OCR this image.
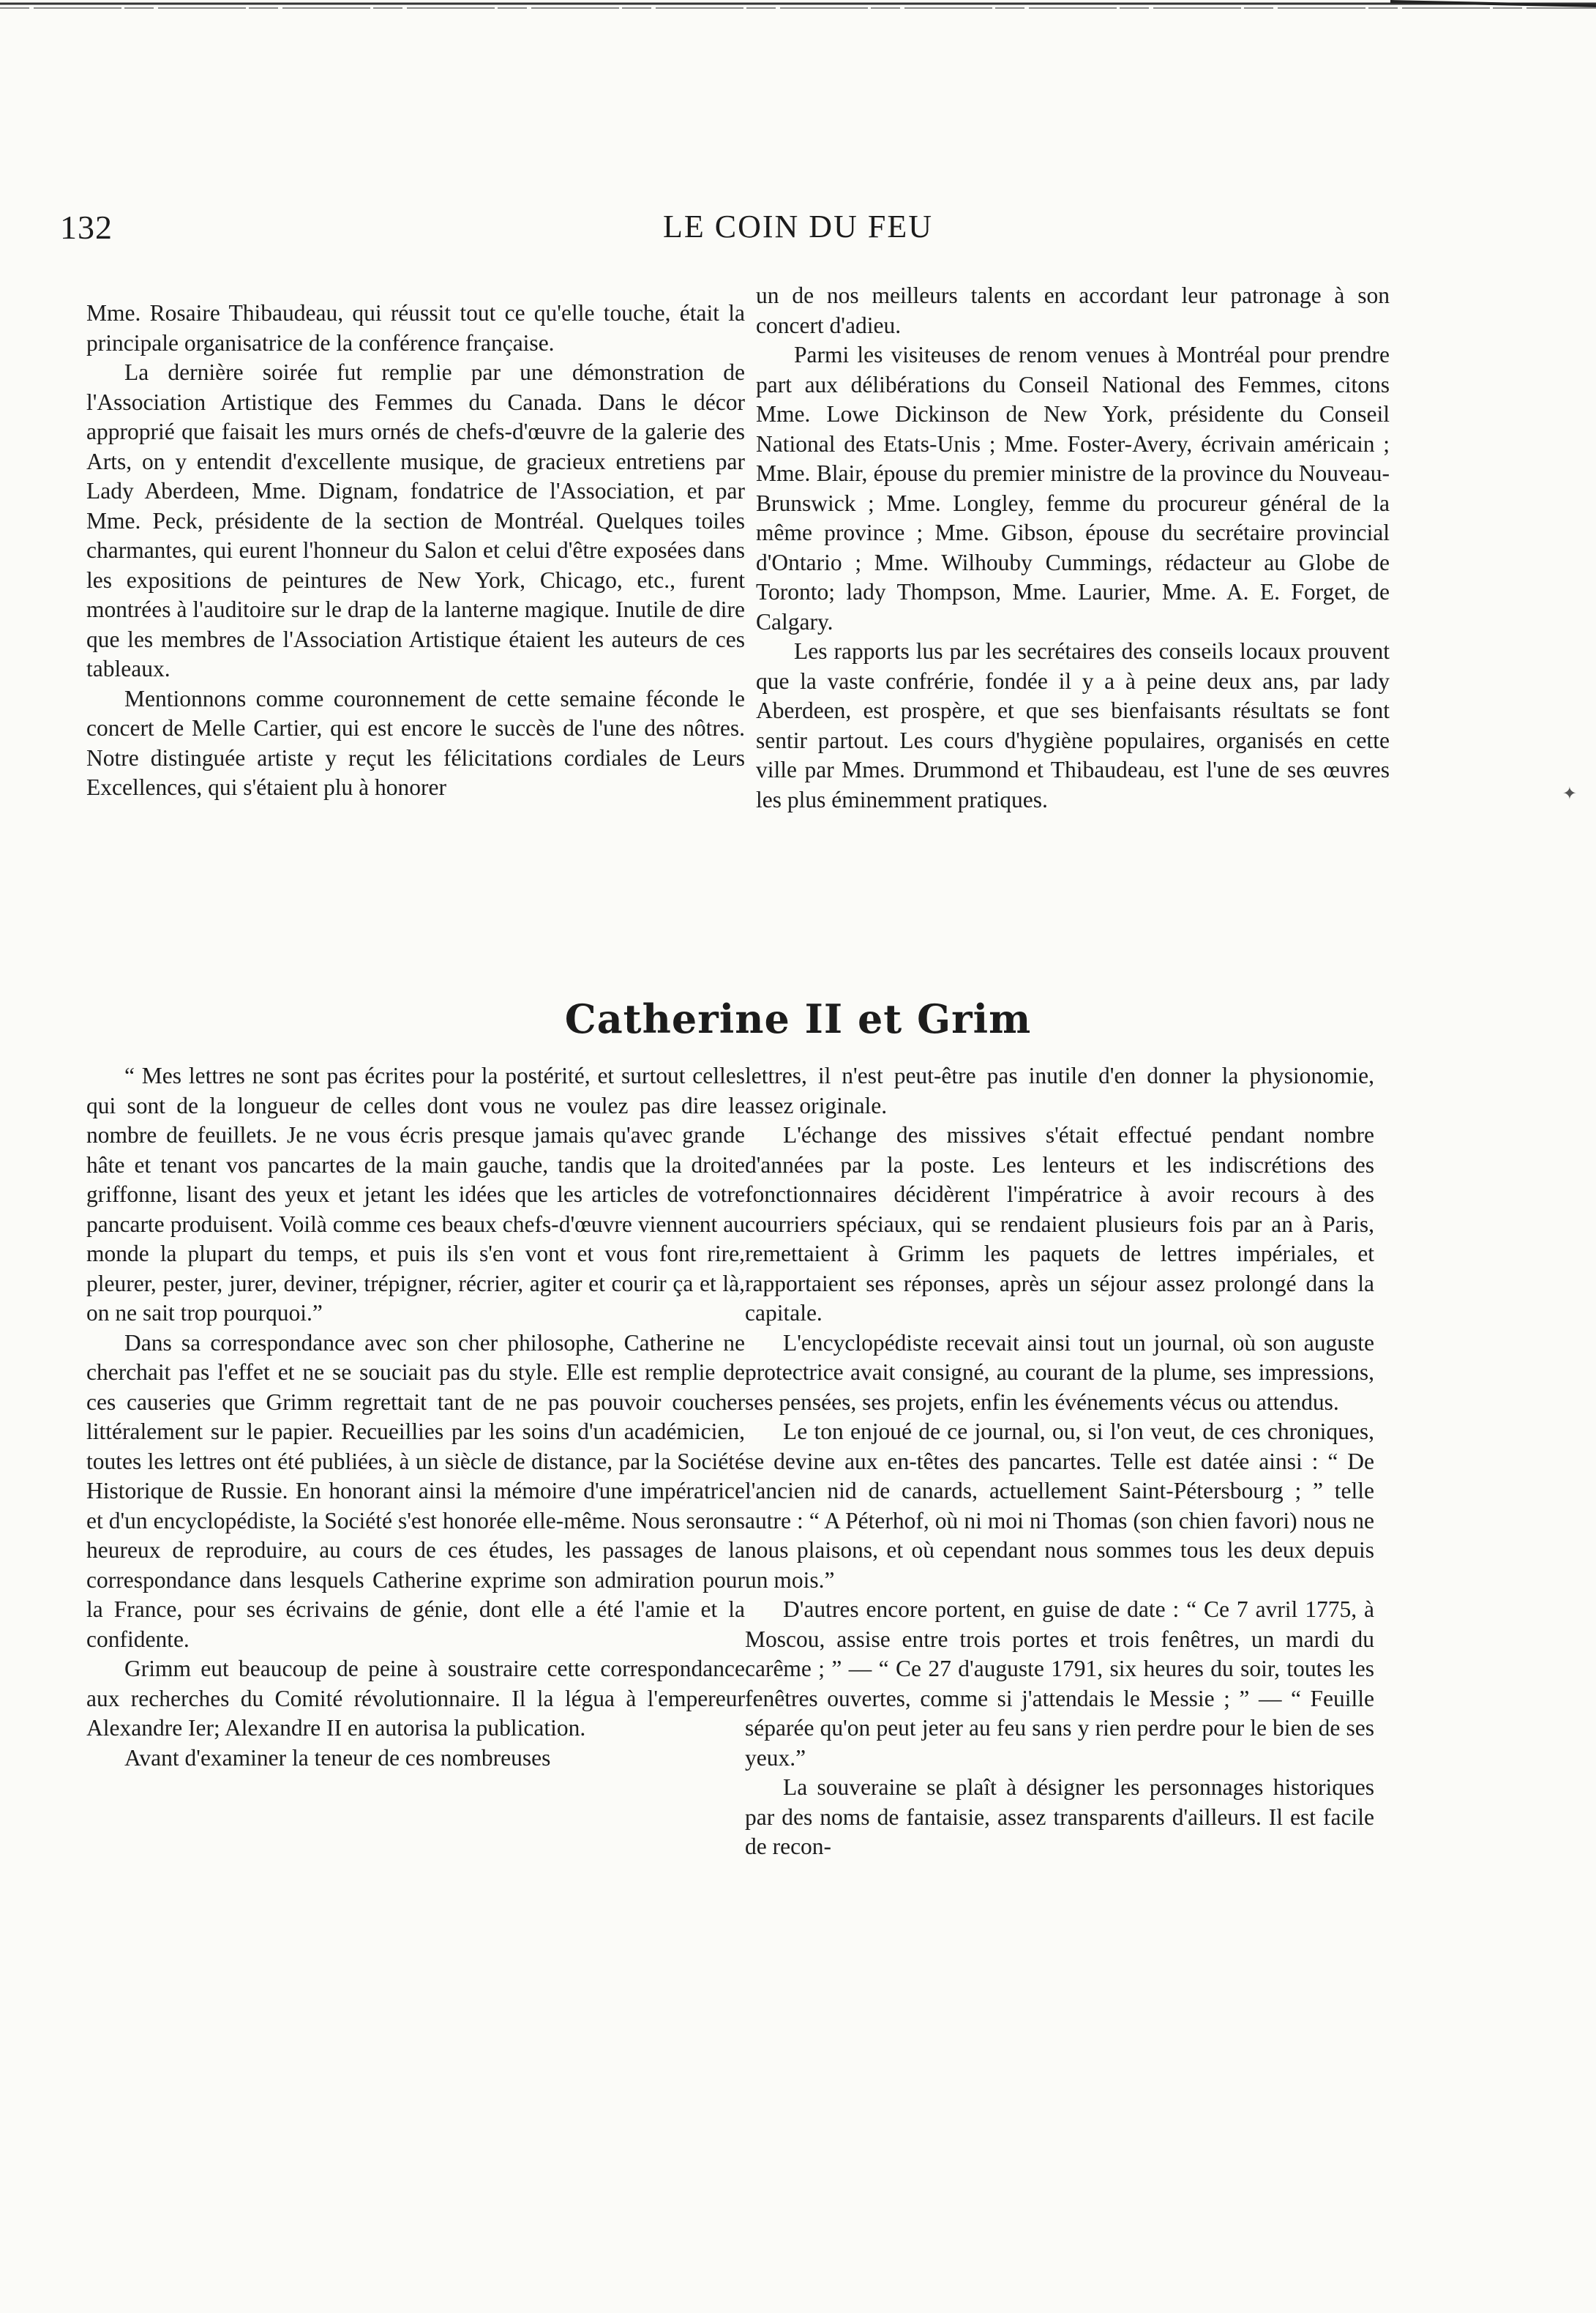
132	LE COIN DU FEU

Mme. Rosaire Thibaudeau, qui réussit tout ce qu'elle touche, était la principale organisatrice de la conférence française.

La dernière soirée fut remplie par une démonstration de l'Association Artistique des Femmes du Canada. Dans le décor approprié que faisait les murs ornés de chefs-d'œuvre de la galerie des Arts, on y entendit d'excellente musique, de gracieux entretiens par Lady Aberdeen, Mme. Dignam, fondatrice de l'Association, et par Mme. Peck, présidente de la section de Montréal. Quelques toiles charmantes, qui eurent l'honneur du Salon et celui d'être exposées dans les expositions de peintures de New York, Chicago, etc., furent montrées à l'auditoire sur le drap de la lanterne magique. Inutile de dire que les membres de l'Association Artistique étaient les auteurs de ces tableaux.

Mentionnons comme couronnement de cette semaine féconde le concert de Melle Cartier, qui est encore le succès de l'une des nôtres. Notre distinguée artiste y reçut les félicitations cordiales de Leurs Excellences, qui s'étaient plu à honorer

un de nos meilleurs talents en accordant leur patronage à son concert d'adieu.

Parmi les visiteuses de renom venues à Montréal pour prendre part aux délibérations du Conseil National des Femmes, citons Mme. Lowe Dickinson de New York, présidente du Conseil National des Etats-Unis ; Mme. Foster-Avery, écrivain américain ; Mme. Blair, épouse du premier ministre de la province du Nouveau-Brunswick ; Mme. Longley, femme du procureur général de la même province ; Mme. Gibson, épouse du secrétaire provincial d'Ontario ; Mme. Wilhouby Cummings, rédacteur au Globe de Toronto; lady Thompson, Mme. Laurier, Mme. A. E. Forget, de Calgary.

Les rapports lus par les secrétaires des conseils locaux prouvent que la vaste confrérie, fondée il y a à peine deux ans, par lady Aberdeen, est prospère, et que ses bienfaisants résultats se font sentir partout. Les cours d'hygiène populaires, organisés en cette ville par Mmes. Drummond et Thibaudeau, est l'une de ses œuvres les plus éminemment pratiques.

Catherine II et Grim

“ Mes lettres ne sont pas écrites pour la postérité, et surtout celles qui sont de la longueur de celles dont vous ne voulez pas dire le nombre de feuillets. Je ne vous écris presque jamais qu'avec grande hâte et tenant vos pancartes de la main gauche, tandis que la droite griffonne, lisant des yeux et jetant les idées que les articles de votre pancarte produisent. Voilà comme ces beaux chefs-d'œuvre viennent au monde la plupart du temps, et puis ils s'en vont et vous font rire, pleurer, pester, jurer, deviner, trépigner, récrier, agiter et courir ça et là, on ne sait trop pourquoi.”

Dans sa correspondance avec son cher philosophe, Catherine ne cherchait pas l'effet et ne se souciait pas du style. Elle est remplie de ces causeries que Grimm regrettait tant de ne pas pouvoir coucher littéralement sur le papier. Recueillies par les soins d'un académicien, toutes les lettres ont été publiées, à un siècle de distance, par la Société Historique de Russie. En honorant ainsi la mémoire d'une impératrice et d'un encyclopédiste, la Société s'est honorée elle-même. Nous serons heureux de reproduire, au cours de ces études, les passages de la correspondance dans lesquels Catherine exprime son admiration pour la France, pour ses écrivains de génie, dont elle a été l'amie et la confidente.

Grimm eut beaucoup de peine à soustraire cette correspondance aux recherches du Comité révolutionnaire. Il la légua à l'empereur Alexandre Ier; Alexandre II en autorisa la publication.

Avant d'examiner la teneur de ces nombreuses

lettres, il n'est peut-être pas inutile d'en donner la physionomie, assez originale.

L'échange des missives s'était effectué pendant nombre d'années par la poste. Les lenteurs et les indiscrétions des fonctionnaires décidèrent l'impératrice à avoir recours à des courriers spéciaux, qui se rendaient plusieurs fois par an à Paris, remettaient à Grimm les paquets de lettres impériales, et rapportaient ses réponses, après un séjour assez prolongé dans la capitale.

L'encyclopédiste recevait ainsi tout un journal, où son auguste protectrice avait consigné, au courant de la plume, ses impressions, ses pensées, ses projets, enfin les événements vécus ou attendus.

Le ton enjoué de ce journal, ou, si l'on veut, de ces chroniques, se devine aux en-têtes des pancartes. Telle est datée ainsi : “ De l'ancien nid de canards, actuellement Saint-Pétersbourg ; ” telle autre : “ A Péterhof, où ni moi ni Thomas (son chien favori) nous ne nous plaisons, et où cependant nous sommes tous les deux depuis un mois.”

D'autres encore portent, en guise de date : “ Ce 7 avril 1775, à Moscou, assise entre trois portes et trois fenêtres, un mardi du carême ; ” — “ Ce 27 d'auguste 1791, six heures du soir, toutes les fenêtres ouvertes, comme si j'attendais le Messie ; ” — “ Feuille séparée qu'on peut jeter au feu sans y rien perdre pour le bien de ses yeux.”

La souveraine se plaît à désigner les personnages historiques par des noms de fantaisie, assez transparents d'ailleurs. Il est facile de recon-

✦
